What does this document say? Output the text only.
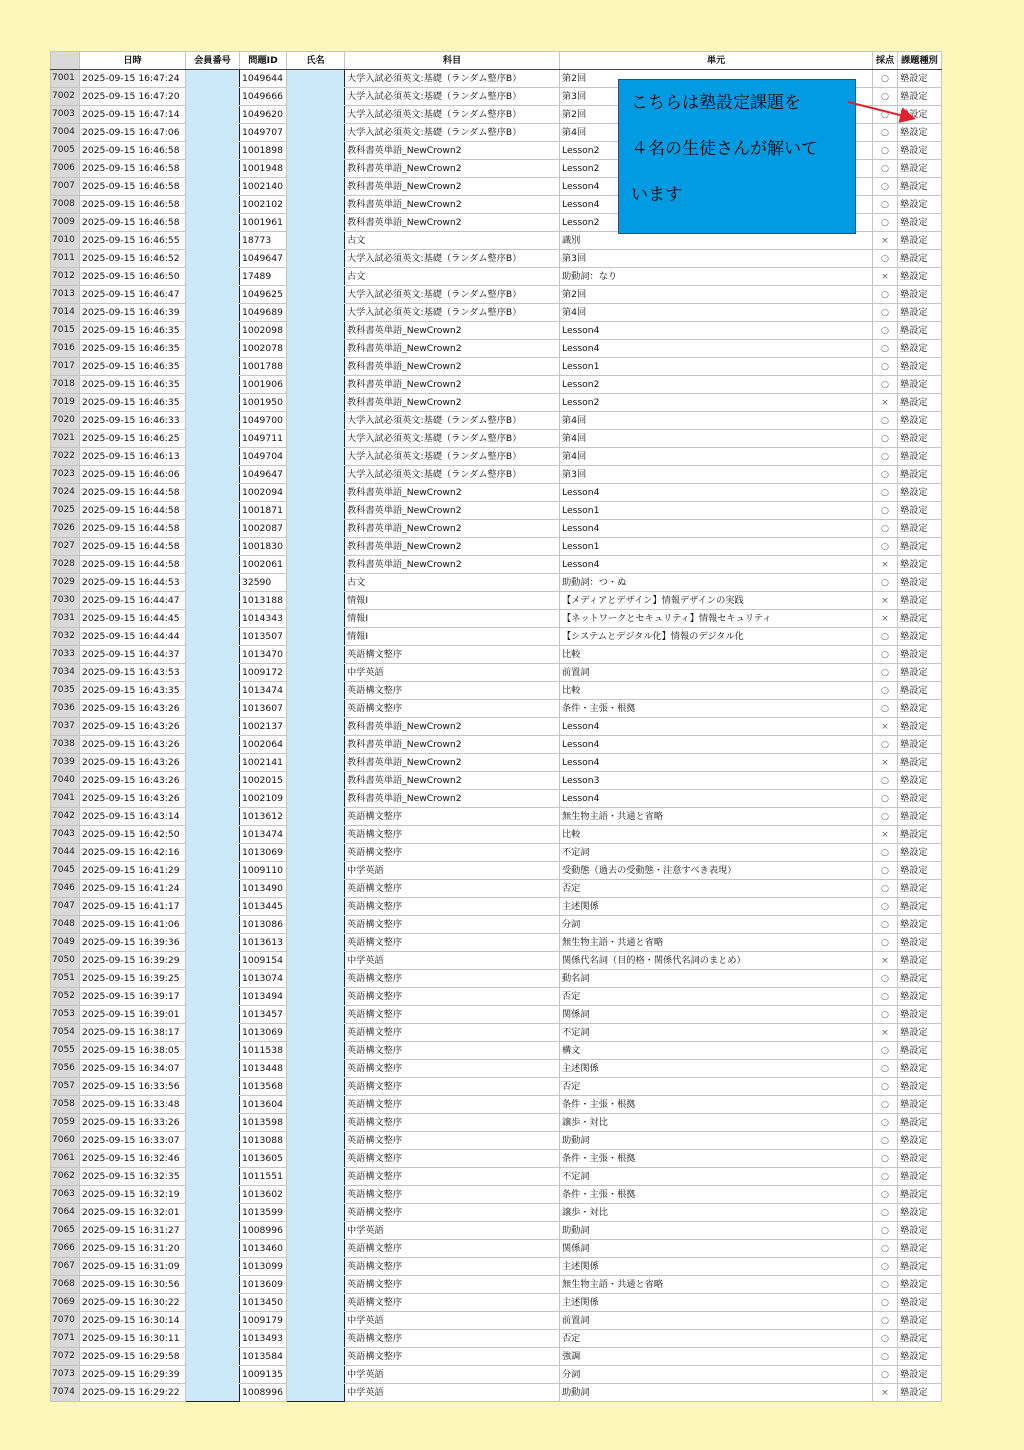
	日時	会員番号	問題ID	氏名	科目	単元	採点	課題種別
7001	2025-09-15 16:47:24		1049644		大学入試必須英文:基礎（ランダム整序B）	第2回	○	塾設定
7002	2025-09-15 16:47:20		1049666		大学入試必須英文:基礎（ランダム整序B）	第3回	○	塾設定
7003	2025-09-15 16:47:14		1049620		大学入試必須英文:基礎（ランダム整序B）	第2回	○	塾設定
7004	2025-09-15 16:47:06		1049707		大学入試必須英文:基礎（ランダム整序B）	第4回	○	塾設定
7005	2025-09-15 16:46:58		1001898		教科書英単語_NewCrown2	Lesson2	○	塾設定
7006	2025-09-15 16:46:58		1001948		教科書英単語_NewCrown2	Lesson2	○	塾設定
7007	2025-09-15 16:46:58		1002140		教科書英単語_NewCrown2	Lesson4	○	塾設定
7008	2025-09-15 16:46:58		1002102		教科書英単語_NewCrown2	Lesson4	○	塾設定
7009	2025-09-15 16:46:58		1001961		教科書英単語_NewCrown2	Lesson2	○	塾設定
7010	2025-09-15 16:46:55		18773		古文	識別	×	塾設定
7011	2025-09-15 16:46:52		1049647		大学入試必須英文:基礎（ランダム整序B）	第3回	○	塾設定
7012	2025-09-15 16:46:50		17489		古文	助動詞：なり	×	塾設定
7013	2025-09-15 16:46:47		1049625		大学入試必須英文:基礎（ランダム整序B）	第2回	○	塾設定
7014	2025-09-15 16:46:39		1049689		大学入試必須英文:基礎（ランダム整序B）	第4回	○	塾設定
7015	2025-09-15 16:46:35		1002098		教科書英単語_NewCrown2	Lesson4	○	塾設定
7016	2025-09-15 16:46:35		1002078		教科書英単語_NewCrown2	Lesson4	○	塾設定
7017	2025-09-15 16:46:35		1001788		教科書英単語_NewCrown2	Lesson1	○	塾設定
7018	2025-09-15 16:46:35		1001906		教科書英単語_NewCrown2	Lesson2	○	塾設定
7019	2025-09-15 16:46:35		1001950		教科書英単語_NewCrown2	Lesson2	×	塾設定
7020	2025-09-15 16:46:33		1049700		大学入試必須英文:基礎（ランダム整序B）	第4回	○	塾設定
7021	2025-09-15 16:46:25		1049711		大学入試必須英文:基礎（ランダム整序B）	第4回	○	塾設定
7022	2025-09-15 16:46:13		1049704		大学入試必須英文:基礎（ランダム整序B）	第4回	○	塾設定
7023	2025-09-15 16:46:06		1049647		大学入試必須英文:基礎（ランダム整序B）	第3回	○	塾設定
7024	2025-09-15 16:44:58		1002094		教科書英単語_NewCrown2	Lesson4	○	塾設定
7025	2025-09-15 16:44:58		1001871		教科書英単語_NewCrown2	Lesson1	○	塾設定
7026	2025-09-15 16:44:58		1002087		教科書英単語_NewCrown2	Lesson4	○	塾設定
7027	2025-09-15 16:44:58		1001830		教科書英単語_NewCrown2	Lesson1	○	塾設定
7028	2025-09-15 16:44:58		1002061		教科書英単語_NewCrown2	Lesson4	×	塾設定
7029	2025-09-15 16:44:53		32590		古文	助動詞：つ・ぬ	○	塾設定
7030	2025-09-15 16:44:47		1013188		情報I	【メディアとデザイン】情報デザインの実践	×	塾設定
7031	2025-09-15 16:44:45		1014343		情報I	【ネットワークとセキュリティ】情報セキュリティ	×	塾設定
7032	2025-09-15 16:44:44		1013507		情報I	【システムとデジタル化】情報のデジタル化	○	塾設定
7033	2025-09-15 16:44:37		1013470		英語構文整序	比較	○	塾設定
7034	2025-09-15 16:43:53		1009172		中学英語	前置詞	○	塾設定
7035	2025-09-15 16:43:35		1013474		英語構文整序	比較	○	塾設定
7036	2025-09-15 16:43:26		1013607		英語構文整序	条件・主張・根拠	○	塾設定
7037	2025-09-15 16:43:26		1002137		教科書英単語_NewCrown2	Lesson4	×	塾設定
7038	2025-09-15 16:43:26		1002064		教科書英単語_NewCrown2	Lesson4	○	塾設定
7039	2025-09-15 16:43:26		1002141		教科書英単語_NewCrown2	Lesson4	×	塾設定
7040	2025-09-15 16:43:26		1002015		教科書英単語_NewCrown2	Lesson3	○	塾設定
7041	2025-09-15 16:43:26		1002109		教科書英単語_NewCrown2	Lesson4	○	塾設定
7042	2025-09-15 16:43:14		1013612		英語構文整序	無生物主語・共通と省略	○	塾設定
7043	2025-09-15 16:42:50		1013474		英語構文整序	比較	×	塾設定
7044	2025-09-15 16:42:16		1013069		英語構文整序	不定詞	○	塾設定
7045	2025-09-15 16:41:29		1009110		中学英語	受動態（過去の受動態・注意すべき表現）	○	塾設定
7046	2025-09-15 16:41:24		1013490		英語構文整序	否定	○	塾設定
7047	2025-09-15 16:41:17		1013445		英語構文整序	主述関係	○	塾設定
7048	2025-09-15 16:41:06		1013086		英語構文整序	分詞	○	塾設定
7049	2025-09-15 16:39:36		1013613		英語構文整序	無生物主語・共通と省略	○	塾設定
7050	2025-09-15 16:39:29		1009154		中学英語	関係代名詞（目的格・関係代名詞のまとめ）	×	塾設定
7051	2025-09-15 16:39:25		1013074		英語構文整序	動名詞	○	塾設定
7052	2025-09-15 16:39:17		1013494		英語構文整序	否定	○	塾設定
7053	2025-09-15 16:39:01		1013457		英語構文整序	関係詞	○	塾設定
7054	2025-09-15 16:38:17		1013069		英語構文整序	不定詞	×	塾設定
7055	2025-09-15 16:38:05		1011538		英語構文整序	構文	○	塾設定
7056	2025-09-15 16:34:07		1013448		英語構文整序	主述関係	○	塾設定
7057	2025-09-15 16:33:56		1013568		英語構文整序	否定	○	塾設定
7058	2025-09-15 16:33:48		1013604		英語構文整序	条件・主張・根拠	○	塾設定
7059	2025-09-15 16:33:26		1013598		英語構文整序	譲歩・対比	○	塾設定
7060	2025-09-15 16:33:07		1013088		英語構文整序	助動詞	○	塾設定
7061	2025-09-15 16:32:46		1013605		英語構文整序	条件・主張・根拠	○	塾設定
7062	2025-09-15 16:32:35		1011551		英語構文整序	不定詞	○	塾設定
7063	2025-09-15 16:32:19		1013602		英語構文整序	条件・主張・根拠	○	塾設定
7064	2025-09-15 16:32:01		1013599		英語構文整序	譲歩・対比	○	塾設定
7065	2025-09-15 16:31:27		1008996		中学英語	助動詞	○	塾設定
7066	2025-09-15 16:31:20		1013460		英語構文整序	関係詞	○	塾設定
7067	2025-09-15 16:31:09		1013099		英語構文整序	主述関係	○	塾設定
7068	2025-09-15 16:30:56		1013609		英語構文整序	無生物主語・共通と省略	○	塾設定
7069	2025-09-15 16:30:22		1013450		英語構文整序	主述関係	○	塾設定
7070	2025-09-15 16:30:14		1009179		中学英語	前置詞	○	塾設定
7071	2025-09-15 16:30:11		1013493		英語構文整序	否定	○	塾設定
7072	2025-09-15 16:29:58		1013584		英語構文整序	強調	○	塾設定
7073	2025-09-15 16:29:39		1009135		中学英語	分詞	○	塾設定
7074	2025-09-15 16:29:22		1008996		中学英語	助動詞	×	塾設定

こちらは塾設定課題を

４名の生徒さんが解いて

います
